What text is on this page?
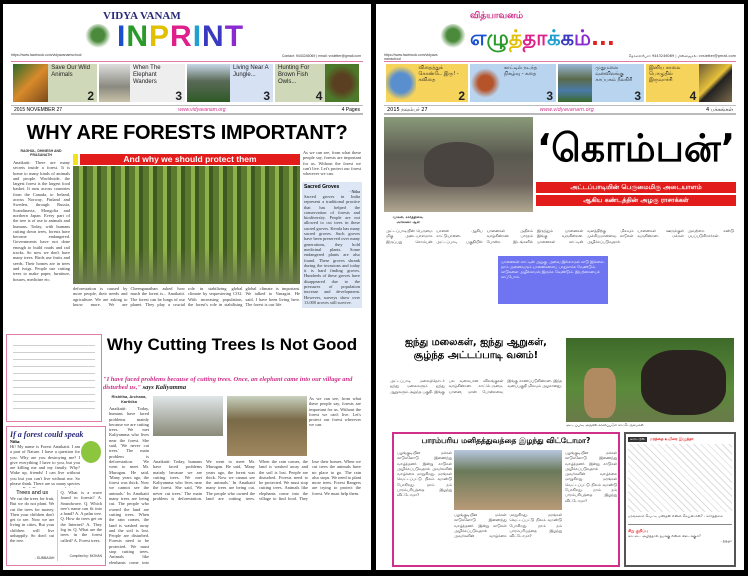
VIDYA VANAM
INPRINT
https://www.facebook.com/vidyavanamschool	Contact: 9443246069 | email: vvsletter@gmail.com
Save Our Wild Animals
2
When The Elephant Wanders
3
Living Near A Jungle...
3
Hunting For Brown Fish Owls...
4
2015 NOVEMBER 27	www.vidyavanam.org	4 Pages
WHY ARE FORESTS IMPORTANT?
RAGHUL, DHINESH AND PRASANATH
Anaikatti: There are many secrets inside a forest. It is home to many kinds of animals and people. Worldwide, the largest forest is the largest food basket. It runs across countries from the Canada, to Ireland, across Norway, Finland and Sweden, through Russia, Scandinavia, Mongolia and northern Japan. Every part of the tree is of use to animals and humans. Today, with humans cutting down trees, forests have become endangered. Governments have not done enough to build roads and rail tracks. So now we don't have many trees. Birds use fruits and seeds. Their homes are in trees and twigs. People use cutting trees to make paper, furniture, houses, medicine etc.
And why we should protect them
As we can see, from what these people say, forests are important for us. Without the forest we can't live. Let's protect our forest wherever we can.
Sacred Groves
- Nitha
Sacred groves in India represent a traditional practice that has helped the conservation of forests and biodiversity. People are not allowed to cut trees in these sacred groves. Kerala has many sacred groves. Such groves have been preserved over many generations, they hold medicinal plants. Some endangered plants are also found. These groves shrank during the invasions and today it is hard finding groves. Hundreds of these groves have disappeared due to the pressures of population increase and development. However, surveys show over 13,000 groves still survive.
deforestation is caused by more people, their needs and agriculture. We are asking to know more. We are Cheenganathan asked how much the forest is... Anaikatti. The forest can be lungs of our planet. They play a crucial role in stabilizing global climate by sequestering CO2. With increasing population, the forest's role in stabilising global climate is important. We talked to Vanagiri. He said, I have been living here. The forest is our life.
Why Cutting Trees Is Not Good
"I have faced problems because of cutting trees. Once, an elephant came into our village and disturbed us," says Kaliyamma
Rishitha, Archana, Karthika
Anaikatti: Today, humans have faced problems mainly because we are cutting trees. We met Kaliyamma who lives near the forest. She said, 'We never cut trees.' The main problem is deforestation. We went to meet Mr. Murugan. He said, 'Many years ago, the forest was thick. Now we cannot see the animals.' In Anaikatti many trees are being cut. The people who owned the land are cutting trees. When the rain comes, the land is washed away and the soil is lost. People are disturbed. Forests need to be protected. We must stop cutting trees. Animals like elephants come into
Anaikatti: Today, humans have faced problems mainly because we are cutting trees. We met Kaliyamma who lives near the forest. She said, 'We never cut trees.' The main problem is deforestation. We went to meet Mr. Murugan. He said, 'Many years ago, the forest was thick. Now we cannot see the animals.' In Anaikatti many trees are being cut. The people who owned the land are cutting trees. When the rain comes, the land is washed away and the soil is lost. People are disturbed. Forests need to be protected. We must stop cutting trees. Animals like elephants come into the village to find food. They lose their homes. When we cut trees the animals have no place to go. The rain also stops. We need to plant more trees. Forest Rangers are trying to protect the forest. We must help them.
As we can see, from what these people say, forests are important for us. Without the forest we can't live. Let's protect our forest wherever we can.
If a forest could speak
Nitha
Hi! My name is Forest Anaikatti. I am a part of Nature. I have a question for you. Why are you destroying me? I give everything I have to you, but you are killing me and my family. Why? Wake up, friends! I can live without you but you can't live without me. So please think. There are so many species
Trees and us
We cut the trees for fruit, But we do not plant. We cut the trees for money, Then your children don't get to see. Now we are living in cities, But your children will live unhappily. So don't cut the tree.
- SUBBAIAH
Q. What is a wave found in forests? A. Soundwave. Q. Which tree's name can fit into a hand? A. A palm tree. Q. How do trees get on the Internet? A. They log in. Q. What are the trees in the forest called? A. Forest trees.
Compiled by: MOHAN
வித்யாவனம்
எழுத்தாக்கம்...
https://www.facebook.com/vidyavanamschool
தொலைபேசி: 9443246069 | மின்னஞ்சல்: vvsletter@gmail.com
விதைத்துக் கொண்டே இரு! - கவிதை
2
காட்டில் நடந்த நிகழ்வு - கதை
3
முதுமலை வனவிலங்கு காப்பகம் நீலகிரி
3
இனிய காலை பொழுதில் இருவாச்சி
4
2015 நவம்பர் 27	www.vidyavanam.org	4 பக்கங்கள்
‘கொம்பன்’
அட்டப்பாடியின் பெருமைமிகு அடையாளம்
ஆகிய கண்டத்தின் அழகு ராசாக்கள்
வாசுகி, கார்த்திகை, அர்ச்சனா ஆகி
அட்டப்பாடியின் பெருமை மிகு அடையாளமாக இருப்பது கொம்பன் யானை ஆகிய காட்டுயானை. அட்டப்பாடி பகுதியில் யானைகள் அதிகம் வாழ்கின்றன. பாரதம் போன்ற இடங்களில் இருந்தும் யானைகள் இங்கு வருகின்றன. யானைகள் காட்டின் வளத்திற்கு மிகவும் முக்கியமானவை. காடுகள் அழிக்கப்படுவதால் யானைகள் ஊருக்குள் வருகின்றன. மக்கள் அவற்றை கண்டு பயப்படுகிறார்கள்.
யானைகள் காட்டின் அழகு. அவை இல்லாமல் காடு இல்லை. நாம் அனைவரும் யானைகளைப் பாதுகாக்க வேண்டும். காடுகளை அழிக்காமல் இருக்க வேண்டும். இயற்கையைக் காப்போம்.
ஐந்து மலைகள், ஐந்து ஆறுகள், சூழ்ந்த அட்டப்பாடி வனம்!
அட்டப்பாடி மலைத்தொடர் ஐந்து மலைகளும் ஐந்து ஆறுகளும் சூழ்ந்த பகுதி. இங்கு பல வகையான விலங்குகள் வாழ்கின்றன. காட்டெருமை, யானை, மான் போன்றவை இங்கு காணப்படுகின்றன. இந்த வனப்பகுதி மிகவும் அழகானது.
அட்டப்பாடி அருகில் காணப்படும் காட்டெருமைகள்
பாரம்பரிய மனிதத்துவத்தை இழந்து விட்டோமா?
பழங்குடியின மக்கள் காடுகளோடு இணைந்து வாழ்ந்தனர். இன்று காடுகள் அழிக்கப்படுவதால் அவர்களின் வாழ்க்கை மாறுகிறது. மரங்கள் வெட்டப்பட்டு நிலம் வறண்டு போகிறது. நாம் நம் பாரம்பரியத்தை இழந்து விட்டோமா?
பழங்குடியின மக்கள் காடுகளோடு இணைந்து வாழ்ந்தனர். இன்று காடுகள் அழிக்கப்படுவதால் அவர்களின் வாழ்க்கை மாறுகிறது. மரங்கள் வெட்டப்பட்டு நிலம் வறண்டு போகிறது. நாம் நம் பாரம்பரியத்தை இழந்து விட்டோமா?
பழங்குடியின மக்கள் காடுகளோடு இணைந்து வாழ்ந்தனர். இன்று காடுகள் அழிக்கப்படுவதால் அவர்களின் வாழ்க்கை மாறுகிறது. மரங்கள் வெட்டப்பட்டு நிலம் வறண்டு போகிறது. நாம் நம் பாரம்பரியத்தை இழந்து விட்டோமா?
கார்ட்டூன்	மரத்தை உயிரை இழுத்தா
மரங்களை வெட்டி மனிதன் என்ன செய்கிறான்? - கார்த்திகை
சிறு குறிப்பு
காட்டை அழித்தால் நமக்கு என்ன கிடைக்கும்?
- நித்தா
